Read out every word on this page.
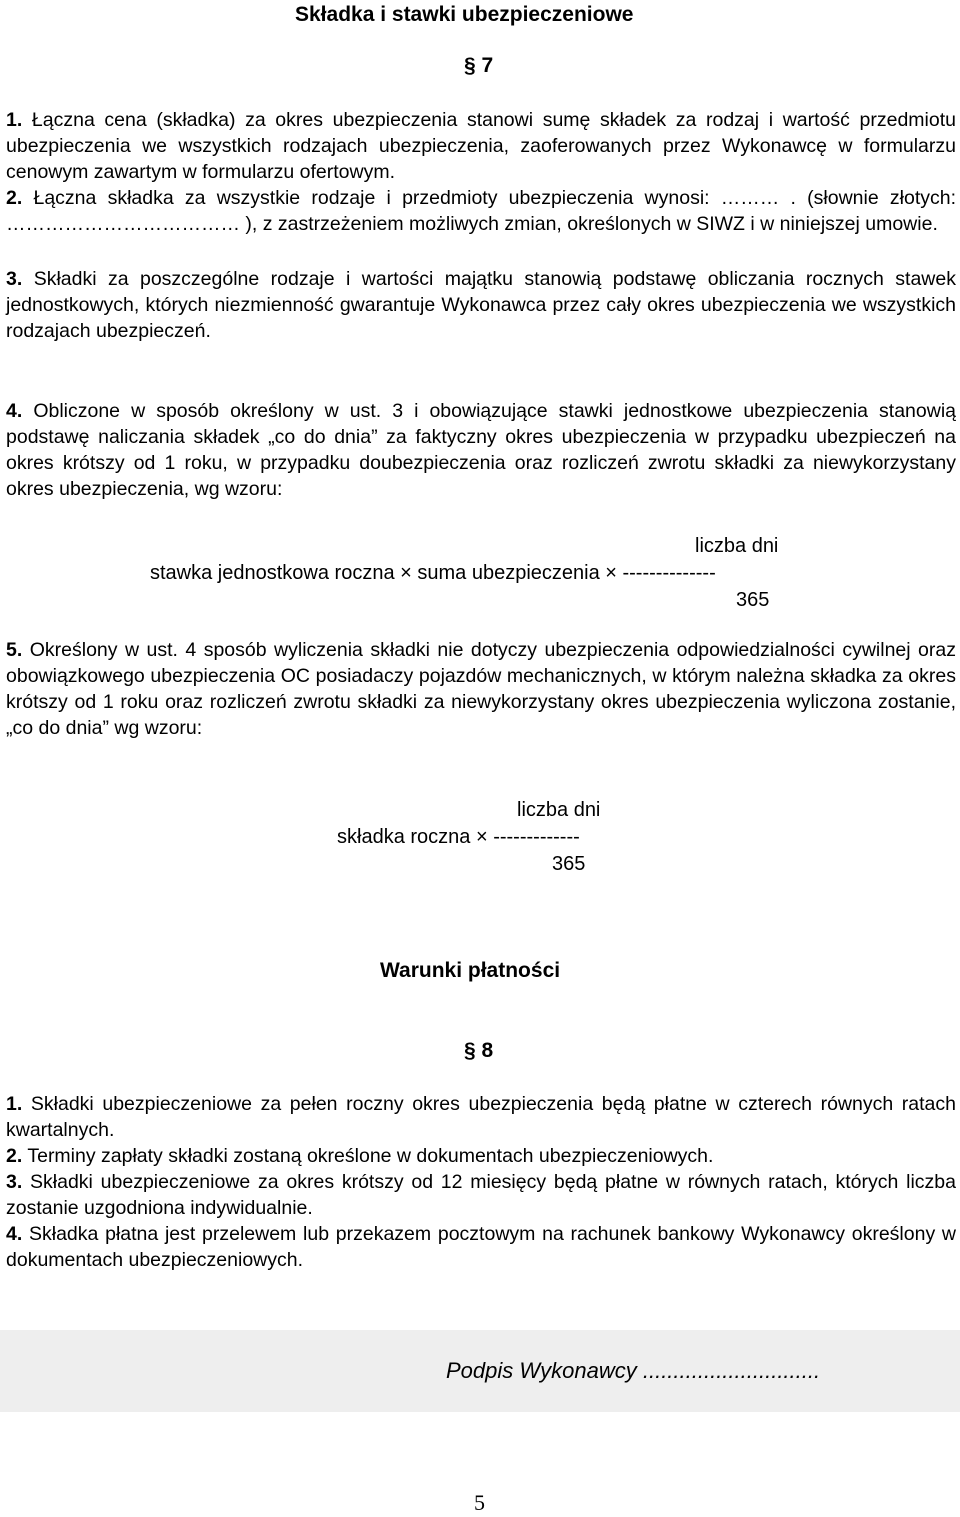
Składka i stawki ubezpieczeniowe
§ 7
1. Łączna cena (składka) za okres ubezpieczenia stanowi sumę składek za rodzaj i wartość przedmiotu ubezpieczenia we wszystkich rodzajach ubezpieczenia, zaoferowanych przez Wykonawcę w formularzu cenowym zawartym w formularzu ofertowym.
2. Łączna składka za wszystkie rodzaje i przedmioty ubezpieczenia wynosi: ……… . (słownie złotych: ……………………………… ), z zastrzeżeniem możliwych zmian, określonych w SIWZ i w niniejszej umowie.
3. Składki za poszczególne rodzaje i wartości majątku stanowią podstawę obliczania rocznych stawek jednostkowych, których niezmienność gwarantuje Wykonawca przez cały okres ubezpieczenia we wszystkich rodzajach ubezpieczeń.
4. Obliczone w sposób określony w ust. 3 i obowiązujące stawki jednostkowe ubezpieczenia stanowią podstawę naliczania składek „co do dnia” za faktyczny okres ubezpieczenia w przypadku ubezpieczeń na okres krótszy od 1 roku, w przypadku doubezpieczenia oraz rozliczeń zwrotu składki za niewykorzystany okres ubezpieczenia, wg wzoru:
liczba dni
stawka jednostkowa roczna × suma ubezpieczenia × --------------
365
5. Określony w ust. 4 sposób wyliczenia składki nie dotyczy ubezpieczenia odpowiedzialności cywilnej oraz obowiązkowego ubezpieczenia OC posiadaczy pojazdów mechanicznych, w którym należna składka za okres krótszy od 1 roku oraz rozliczeń zwrotu składki za niewykorzystany okres ubezpieczenia wyliczona zostanie, „co do dnia” wg wzoru:
liczba dni
składka roczna × -------------
365
Warunki płatności
§ 8
1. Składki ubezpieczeniowe za pełen roczny okres ubezpieczenia będą płatne w czterech równych ratach kwartalnych.
2. Terminy zapłaty składki zostaną określone w dokumentach ubezpieczeniowych.
3. Składki ubezpieczeniowe za okres krótszy od 12 miesięcy będą płatne w równych ratach, których liczba zostanie uzgodniona indywidualnie.
4. Składka płatna jest przelewem lub przekazem pocztowym na rachunek bankowy Wykonawcy określony w dokumentach ubezpieczeniowych.
Podpis Wykonawcy .............................
5
